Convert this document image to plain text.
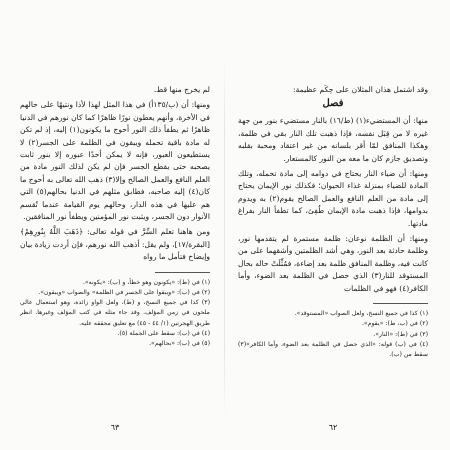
لم يخرج منها قط.

ومنها: أن (ب/١٣٥أ) في هذا المثل لهذا لأذا ونتيهًا على حالهم في الأخرة، وأنهم يعطون نورًا ظاهرًا كما كان نورهم في الدنيا ظاهرًا ثم يطفأ ذلك النور أحوج ما يكونون(١) إليه، إذ لم تكن له مادة باقية تحمله ويبقون في الظلمة على الجسر(٢) لا يستطيعون العبور، فإنه لا يمكن أحدًا عبوره إلا بنور ثابت يصحبه حتى يقطع الجسر فإن لم يكن لذلك النور مادة من العلم النافع والعمل الصالح وإلا(٣) ذهب الله تعالى به أحوج ما كان(٤) إليه صاحبه، فطابق مثلهم في الدنيا بحالهم(٥) التي هم عليها في هذه الدار، وحالهم يوم القيامة عندما تُقسم الأنوار دون الجسر، ويثبت نور المؤمنين ويطفأ نور المنافقين.

ومن هاهنا تعلم السِّرَّ في قوله تعالى: ﴿ذَهَبَ اللَّهُ بِنُورِهِمْ﴾ [البقرة/١٧]، ولم يقل: أذهب الله نورهم، فإن أردت زيادة بيان وإيضاح فتأمل ما رواه

(١) في (ط): «يكونون وهو خطأ، و (ب): «يكونه».
(٢) في (ب): «ويبقوا على الجسر في الظلمة» والصواب «ويبقون».
(٣) كذا في جميع النسخ، و (ط)، ولعل الواو زائدة، وهو استعمال عالي ملحون في زمن المؤلف. وقد جاء مثله في كتب المؤلف وغيرها. انظر طريق الهجرتين (١/ ٤٤ - ٤٥) مع تعليق محققه عليه.
(٤) في (ب): سقط على الجملة (٥).
(٥) في (ب): «بحالهم».

وقد اشتمل هذان المثلان على حِكَم عظيمة:

فصل

منها: أن المستضيء(١) (ط/١٦) بالنار مستضيء بنور من جهة غيره لا من قِبَل نفسه، فإذا ذهبت تلك النار بقي في ظلمة، وهكذا المنافق لمّا أقر بلسانه من غير اعتقاد ومحبة بقلبه وتصديق جازم كان ما معه من النور كالمستعار.

ومنها: أن ضياء النار يحتاج في دوامه إلى مادة تحمله، وتلك المادة للضياء بمنزلة غذاء الحيوان؛ فكذلك نور الإيمان يحتاج إلى مادة من العلم النافع والعمل الصالح يقوم(٢) به ويدوم بدوامها، فإذا ذهبت مادة الإيمان طُفِئ، كما تطفأ النار بفراغ مادتها.

ومنها: أن الظلمة نوعان: ظلمة مستمرة لم يتقدمها نور، وظلمة حادثة بعد النور، وهي أشد الظلمتين وأشقهما على من كانت فيه، وظلمة المنافق ظلمة بعد إضاءة، فمُثِّلَتْ حاله بحال المستوقد للنار(٣) الذي حصل في الظلمة بعد الضوء، وأما الكافر(٤) فهو في الظلمات

(١) كذا في جميع النسخ، ولعل الصواب «المستوقد».
(٢) في (ب، ط): «يقوم».
(٣) في (ط): «النار».
(٤) في (ب) قوله: «الذي حصل في الظلمة بعد الضوء، وأما الكافر»(٣) سقط من (ب).
٦٣	٦٢
